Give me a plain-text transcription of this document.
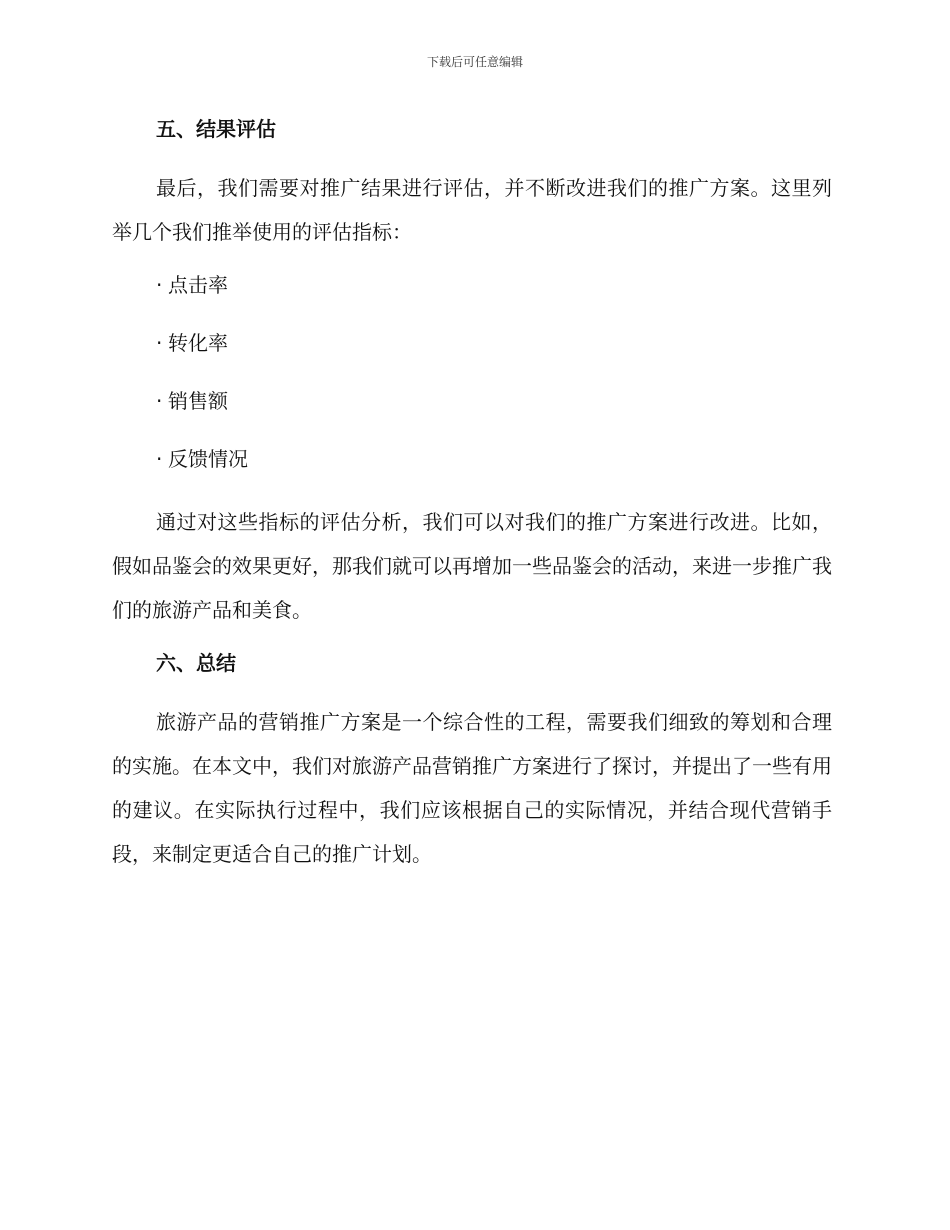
下载后可任意编辑
五、结果评估

最后，我们需要对推广结果进行评估，并不断改进我们的推广方案。这里列举几个我们推举使用的评估指标：

· 点击率
· 转化率
· 销售额
· 反馈情况

通过对这些指标的评估分析，我们可以对我们的推广方案进行改进。比如，假如品鉴会的效果更好，那我们就可以再增加一些品鉴会的活动，来进一步推广我们的旅游产品和美食。

六、总结

旅游产品的营销推广方案是一个综合性的工程，需要我们细致的筹划和合理的实施。在本文中，我们对旅游产品营销推广方案进行了探讨，并提出了一些有用的建议。在实际执行过程中，我们应该根据自己的实际情况，并结合现代营销手段，来制定更适合自己的推广计划。
